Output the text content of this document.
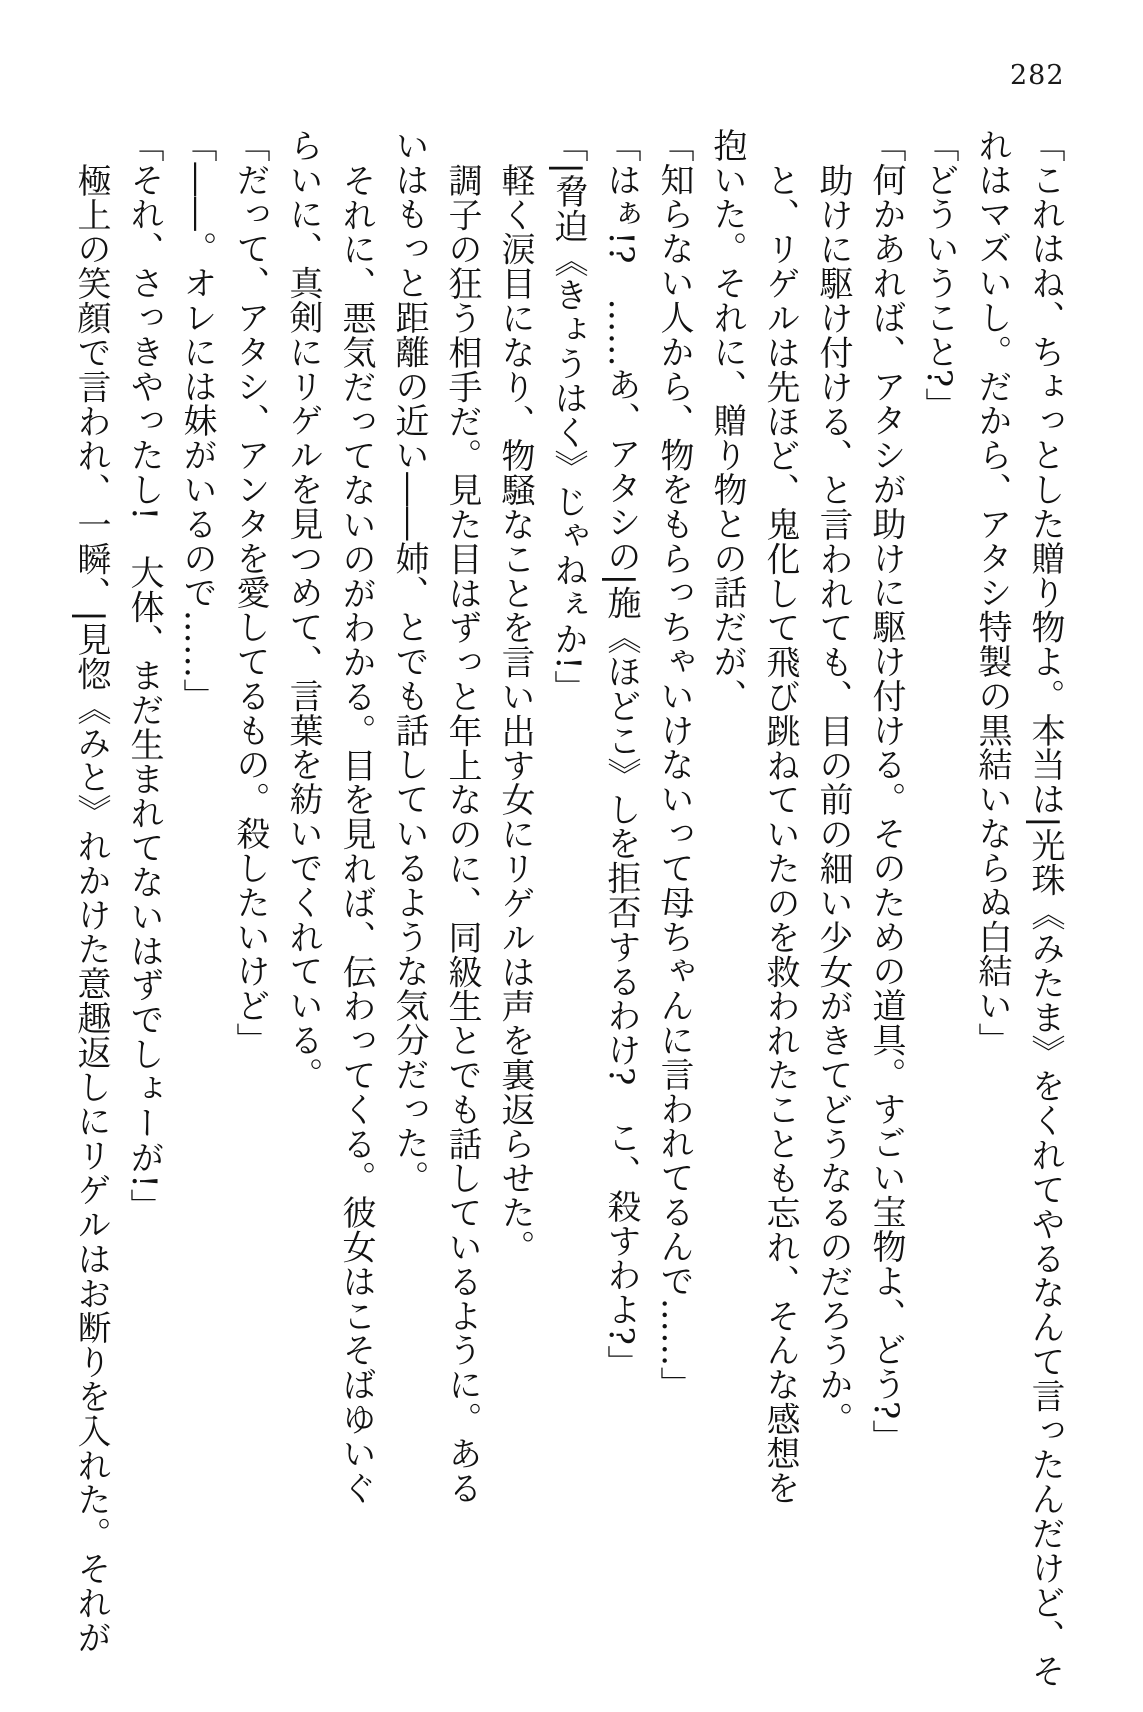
282

「これはね、ちょっとした贈り物よ。本当は|光珠《みたま》をくれてやるなんて言ったんだけど、そ

れはマズいし。だから、アタシ特製の黒結いならぬ白結い」

「どういうこと?」

「何かあれば、アタシが助けに駆け付ける。そのための道具。すごい宝物よ、どう?」

助けに駆け付ける、と言われても、目の前の細い少女がきてどうなるのだろうか。

と、リゲルは先ほど、鬼化して飛び跳ねていたのを救われたことも忘れ、そんな感想を

抱いた。それに、贈り物との話だが、

「知らない人から、物をもらっちゃいけないって母ちゃんに言われてるんで……」

「はぁ!?　……あ、アタシの|施《ほどこ》しを拒否するわけ?　こ、殺すわよ?」

「|脅迫《きょうはく》じゃねぇか!」

軽く涙目になり、物騒なことを言い出す女にリゲルは声を裏返らせた。

調子の狂う相手だ。見た目はずっと年上なのに、同級生とでも話しているように。ある

いはもっと距離の近い――姉、とでも話しているような気分だった。

それに、悪気だってないのがわかる。目を見れば、伝わってくる。彼女はこそばゆいぐ

らいに、真剣にリゲルを見つめて、言葉を紡いでくれている。

「だって、アタシ、アンタを愛してるもの。殺したいけど」

「――。オレには妹がいるので……」

「それ、さっきやったし!　大体、まだ生まれてないはずでしょーが!」

極上の笑顔で言われ、一瞬、|見惚《みと》れかけた意趣返しにリゲルはお断りを入れた。それが
